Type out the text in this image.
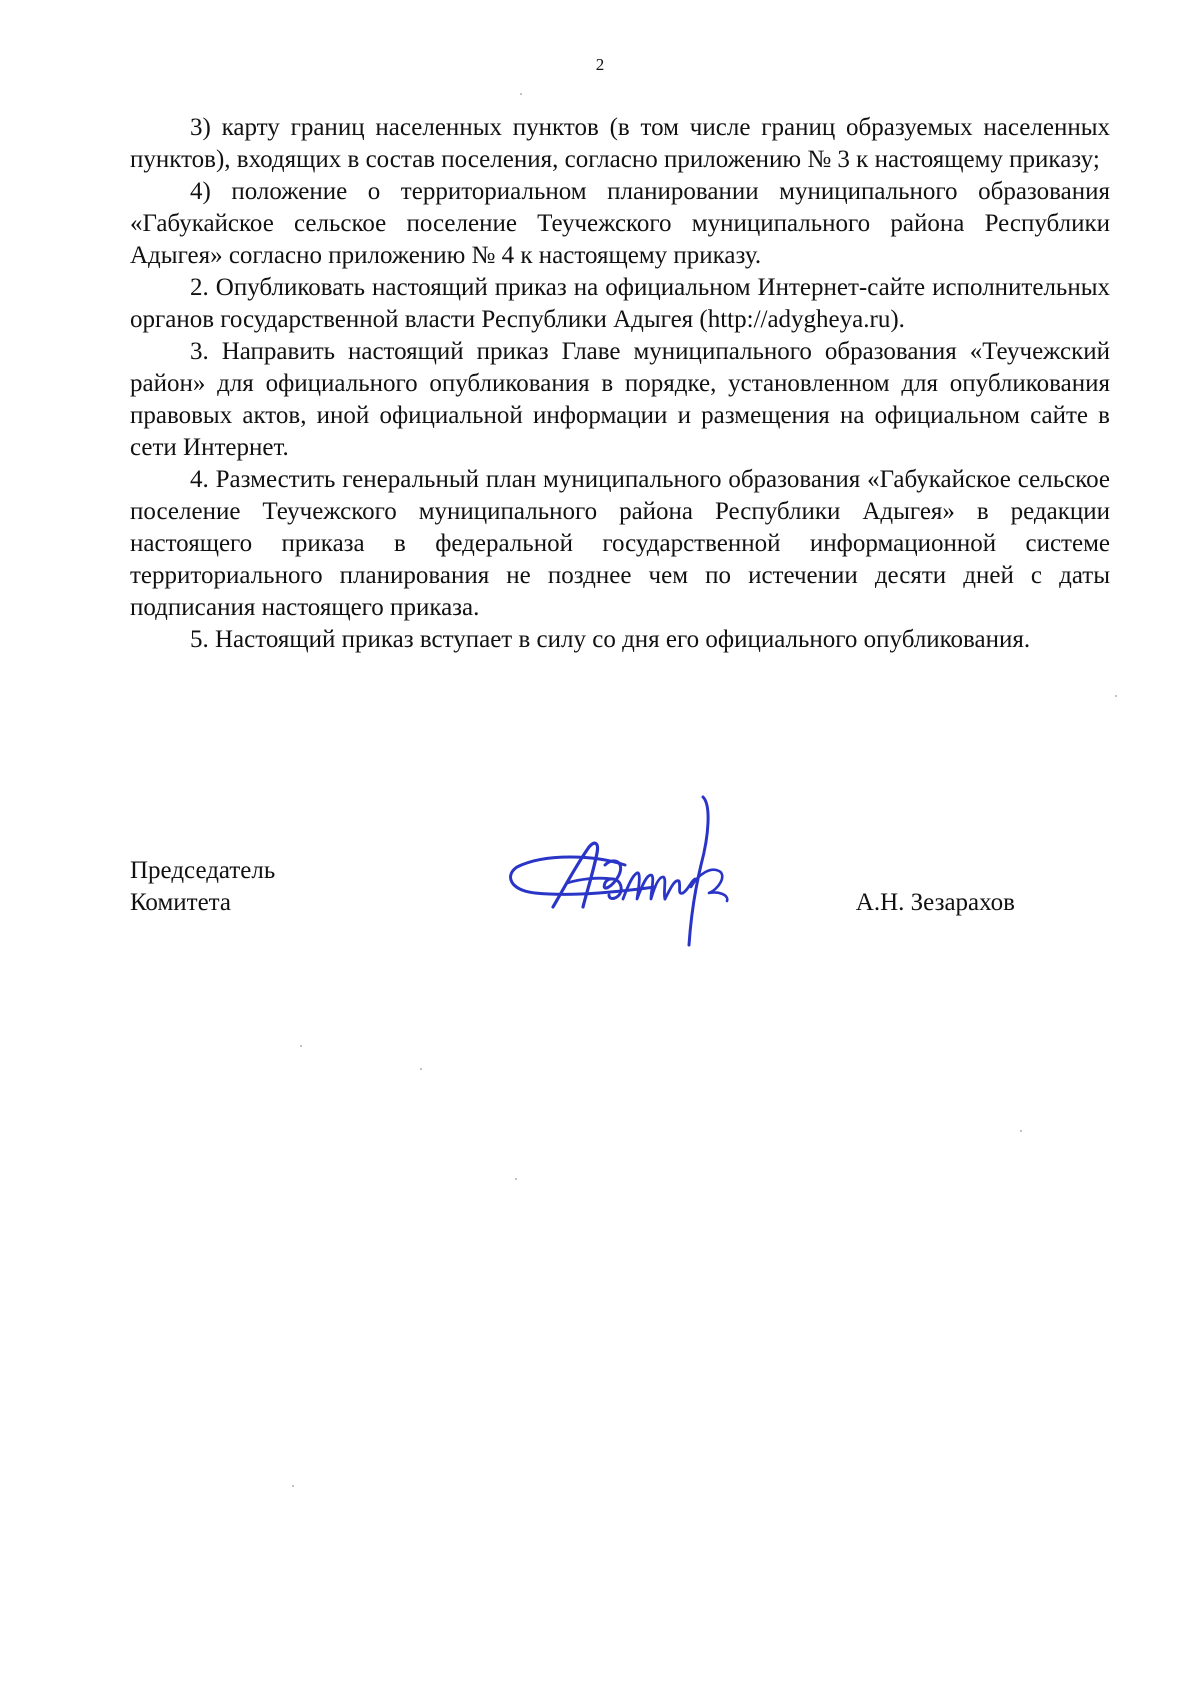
2

3) карту границ населенных пунктов (в том числе границ образуемых населенных пунктов), входящих в состав поселения, согласно приложению № 3 к настоящему приказу;

4) положение о территориальном планировании муниципального образования «Габукайское сельское поселение Теучежского муниципального района Республики Адыгея» согласно приложению № 4 к настоящему приказу.

2. Опубликовать настоящий приказ на официальном Интернет-сайте исполнительных органов государственной власти Республики Адыгея (http://adygheya.ru).

3. Направить настоящий приказ Главе муниципального образования «Теучежский район» для официального опубликования в порядке, установленном для опубликования правовых актов, иной официальной информации и размещения на официальном сайте в сети Интернет.

4. Разместить генеральный план муниципального образования «Габукайское сельское поселение Теучежского муниципального района Республики Адыгея» в редакции настоящего приказа в федеральной государственной информационной системе территориального планирования не позднее чем по истечении десяти дней с даты подписания настоящего приказа.

5. Настоящий приказ вступает в силу со дня его официального опубликования.

Председатель
Комитета	А.Н. Зезарахов
